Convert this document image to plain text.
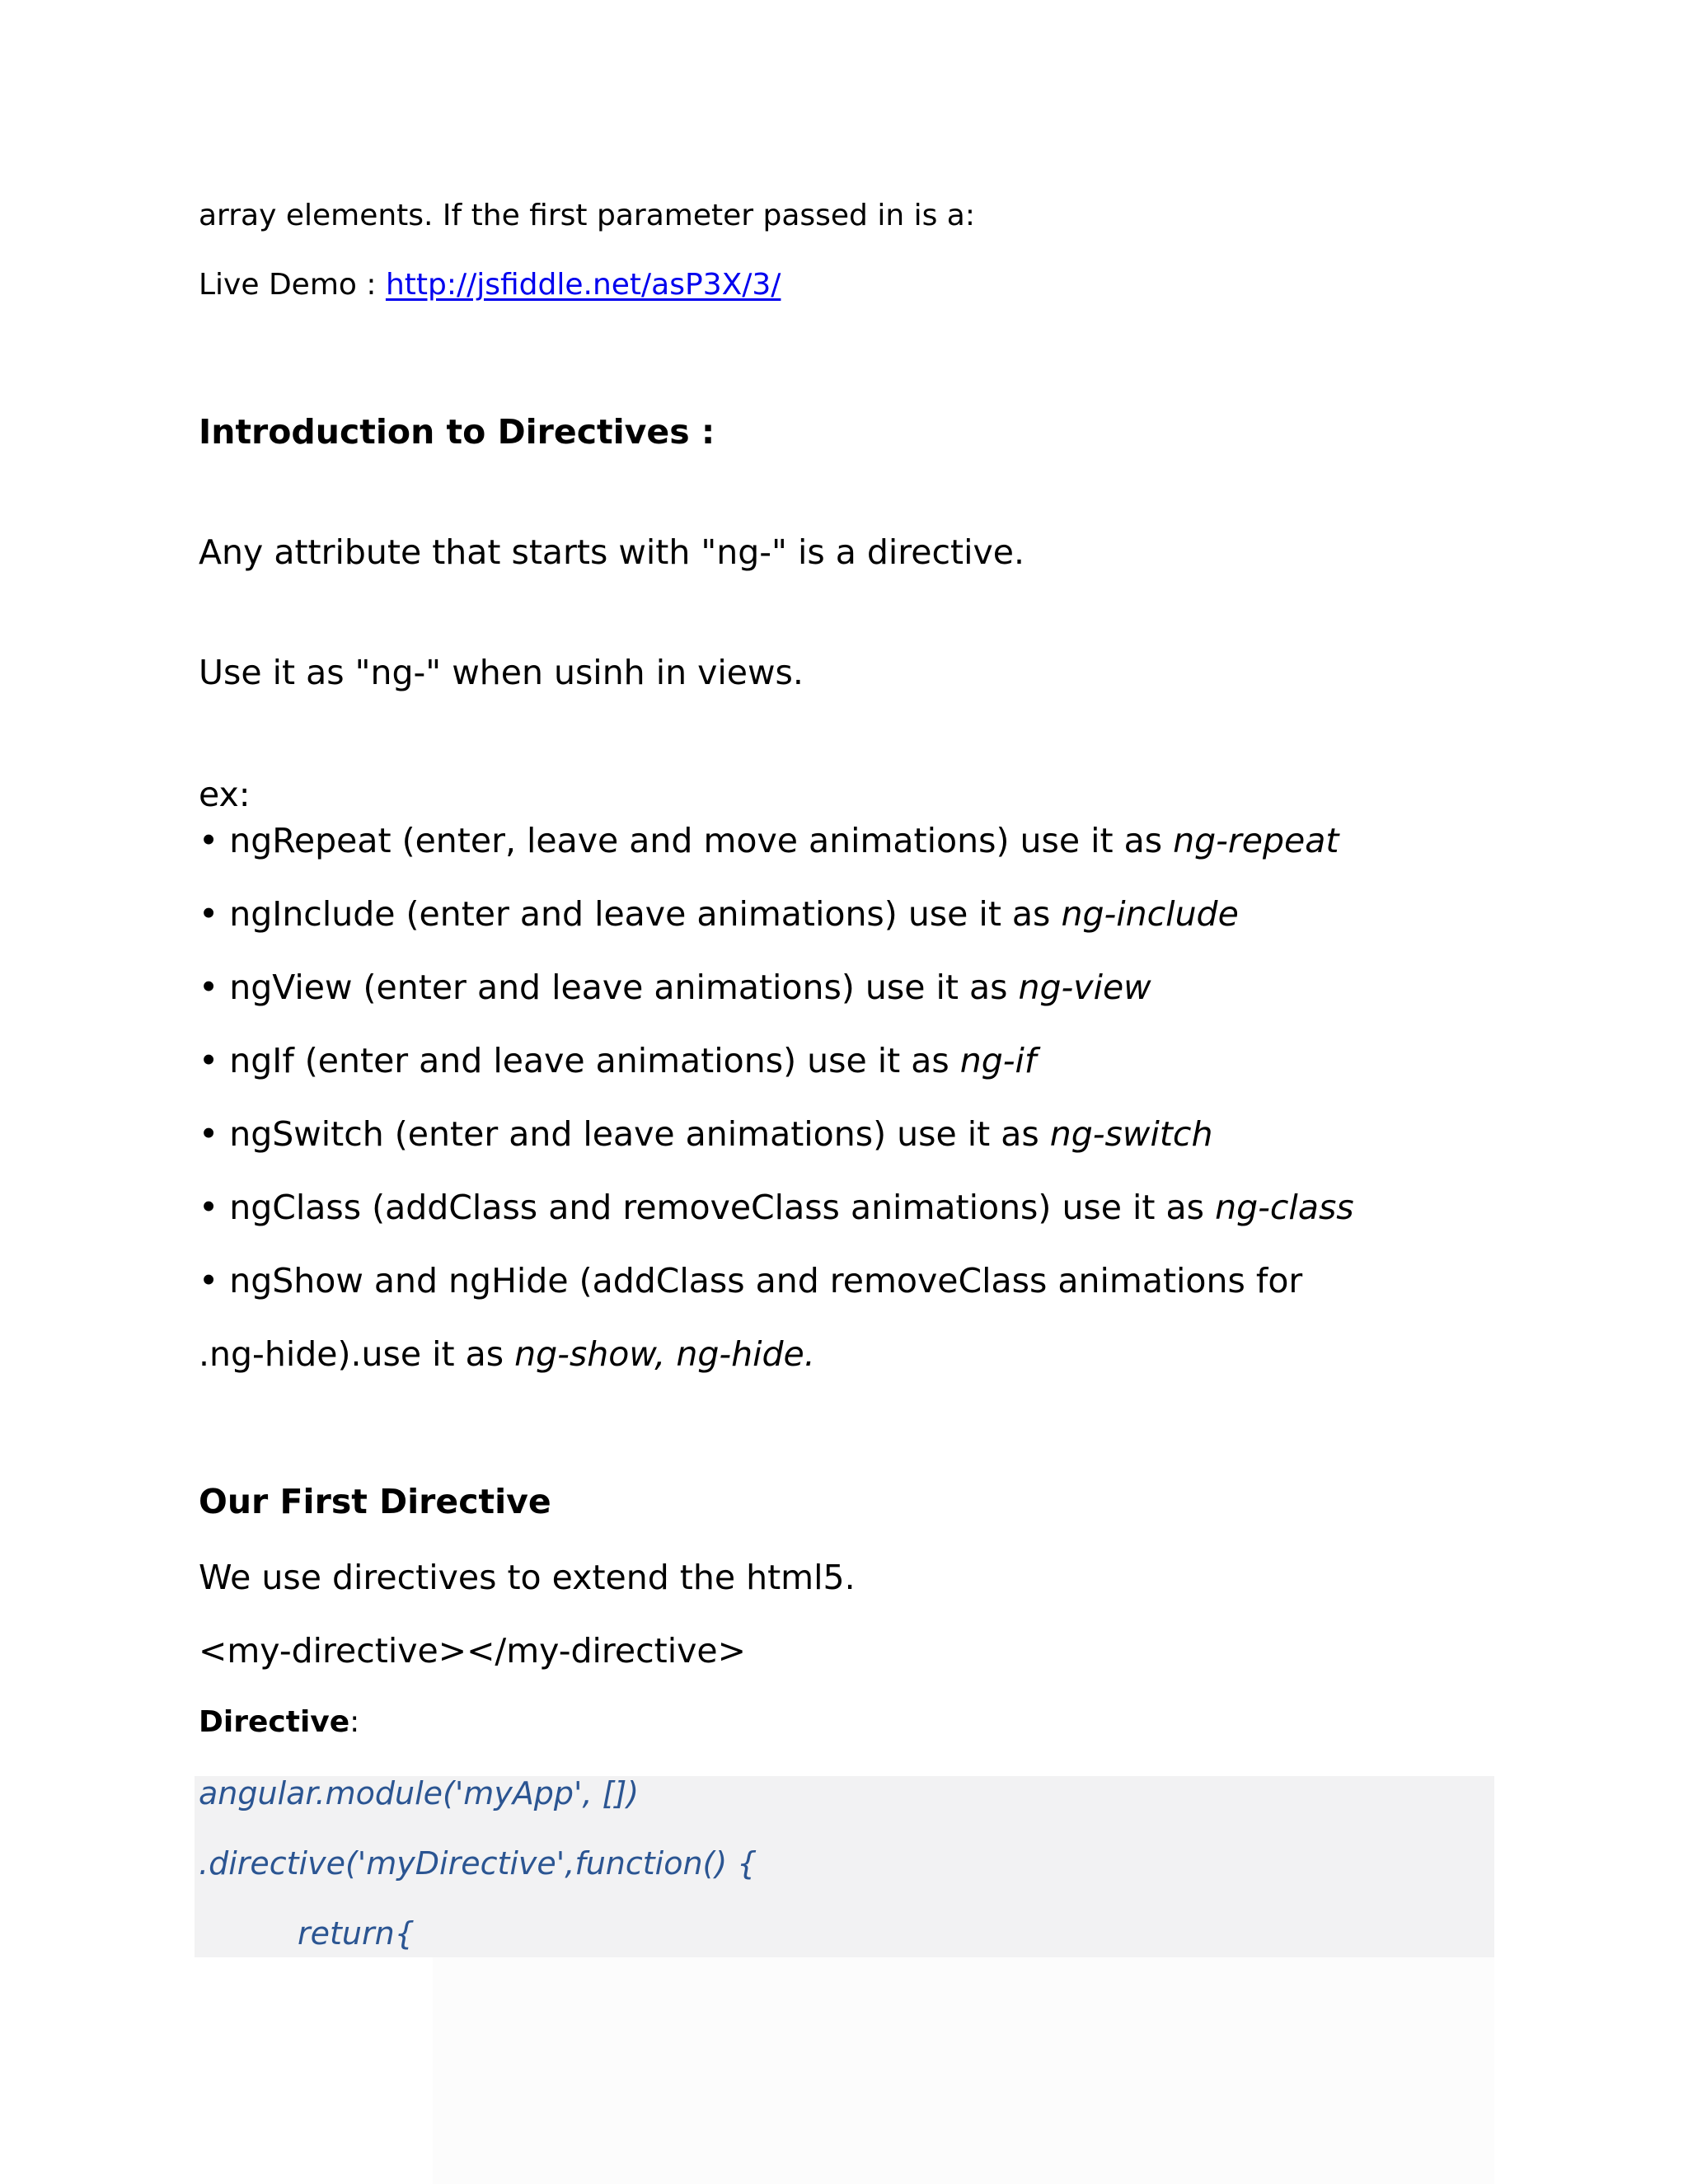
array elements. If the first parameter passed in is a:
Live Demo : http://jsfiddle.net/asP3X/3/
Introduction to Directives :
Any attribute that starts with "ng-" is a directive.
Use it as "ng-" when usinh in views.
ex:
• ngRepeat (enter, leave and move animations) use it as ng-repeat
• ngInclude (enter and leave animations) use it as ng-include
• ngView (enter and leave animations) use it as ng-view
• ngIf (enter and leave animations) use it as ng-if
• ngSwitch (enter and leave animations) use it as ng-switch
• ngClass (addClass and removeClass animations) use it as ng-class
• ngShow and ngHide (addClass and removeClass animations for
.ng-hide).use it as ng-show, ng-hide.
Our First Directive
We use directives to extend the html5.
<my-directive></my-directive>
Directive:
angular.module('myApp', [])
.directive('myDirective',function() {
return{
